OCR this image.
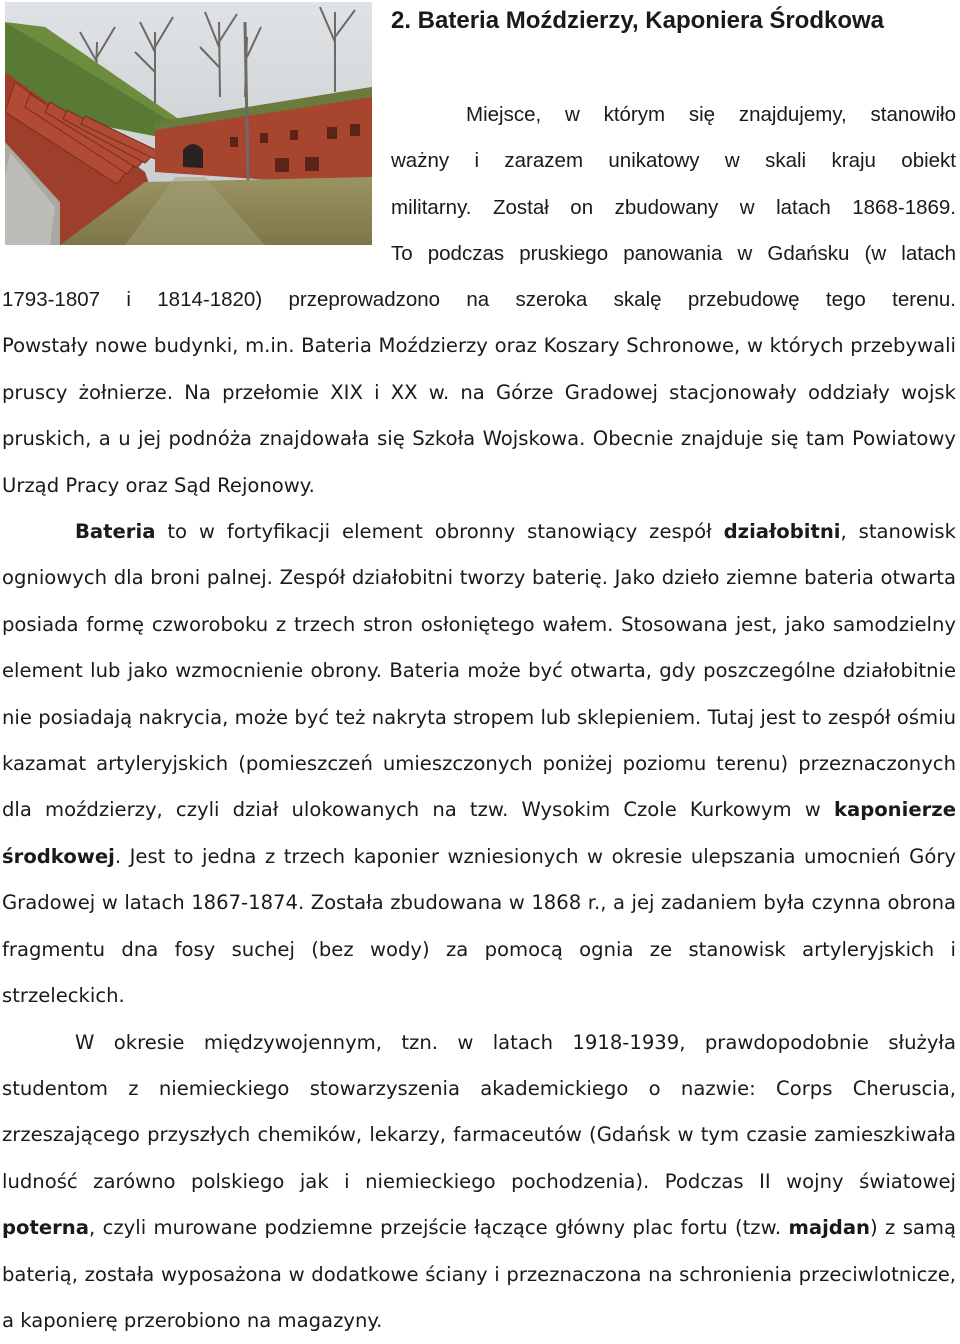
2. Bateria Moździerzy, Kaponiera Środkowa
Miejsce, w którym się znajdujemy, stanowiło
ważny i zarazem unikatowy w skali kraju obiekt
militarny. Został on zbudowany w latach 1868-1869.
To podczas pruskiego panowania w Gdańsku (w latach

1793-1807 i 1814-1820) przeprowadzono na szeroka skalę przebudowę tego terenu.

Powstały nowe budynki, m.in. Bateria Moździerzy oraz Koszary Schronowe, w których przebywali pruscy żołnierze. Na przełomie XIX i XX w. na Górze Gradowej stacjonowały oddziały wojsk pruskich, a u jej podnóża znajdowała się Szkoła Wojskowa. Obecnie znajduje się tam Powiatowy Urząd Pracy oraz Sąd Rejonowy.

Bateria to w fortyfikacji element obronny stanowiący zespół działobitni, stanowisk ogniowych dla broni palnej. Zespół działobitni tworzy baterię. Jako dzieło ziemne bateria otwarta posiada formę czworoboku z trzech stron osłoniętego wałem. Stosowana jest, jako samodzielny element lub jako wzmocnienie obrony. Bateria może być otwarta, gdy poszczególne działobitnie nie posiadają nakrycia, może być też nakryta stropem lub sklepieniem. Tutaj jest to zespół ośmiu kazamat artyleryjskich (pomieszczeń umieszczonych poniżej poziomu terenu) przeznaczonych dla moździerzy, czyli dział ulokowanych na tzw. Wysokim Czole Kurkowym w kaponierze środkowej. Jest to jedna z trzech kaponier wzniesionych w okresie ulepszania umocnień Góry Gradowej w latach 1867-1874. Została zbudowana w 1868 r., a jej zadaniem była czynna obrona fragmentu dna fosy suchej (bez wody) za pomocą ognia ze stanowisk artyleryjskich i strzeleckich.

W okresie międzywojennym, tzn. w latach 1918-1939, prawdopodobnie służyła studentom z niemieckiego stowarzyszenia akademickiego o nazwie: Corps Cheruscia, zrzeszającego przyszłych chemików, lekarzy, farmaceutów (Gdańsk w tym czasie zamieszkiwała ludność zarówno polskiego jak i niemieckiego pochodzenia). Podczas II wojny światowej poterna, czyli murowane podziemne przejście łączące główny plac fortu (tzw. majdan) z samą baterią, została wyposażona w dodatkowe ściany i przeznaczona na schronienia przeciwlotnicze, a kaponierę przerobiono na magazyny.
